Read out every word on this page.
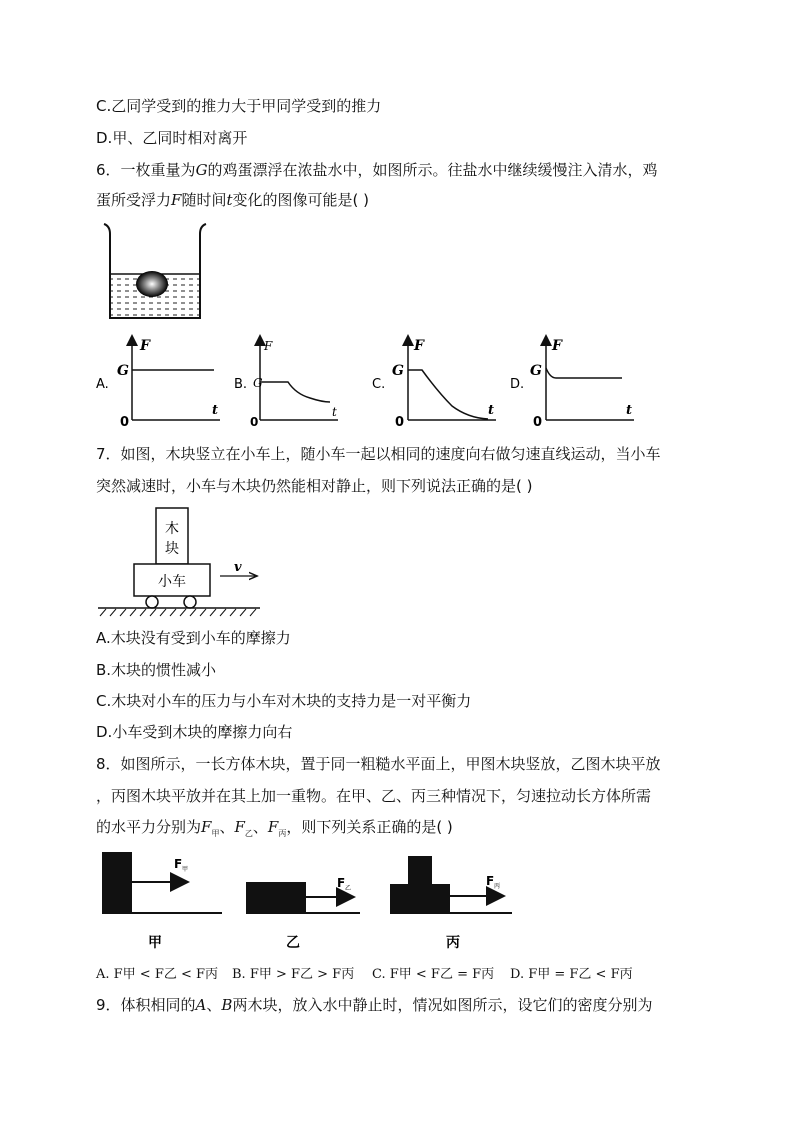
C.乙同学受到的推力大于甲同学受到的推力
D.甲、乙同时相对离开
6．一枚重量为G的鸡蛋漂浮在浓盐水中，如图所示。往盐水中继续缓慢注入清水，鸡
蛋所受浮力F随时间t变化的图像可能是( )
A.
F
G
0
t
B.
F
G
0
t
C.
F
G
0
t
D.
F
G
0
t
7．如图，木块竖立在小车上，随小车一起以相同的速度向右做匀速直线运动，当小车
突然减速时，小车与木块仍然能相对静止，则下列说法正确的是( )
木
块
小车
v
A.木块没有受到小车的摩擦力
B.木块的惯性减小
C.木块对小车的压力与小车对木块的支持力是一对平衡力
D.小车受到木块的摩擦力向右
8．如图所示，一长方体木块，置于同一粗糙水平面上，甲图木块竖放，乙图木块平放
，丙图木块平放并在其上加一重物。在甲、乙、丙三种情况下，匀速拉动长方体所需
的水平力分别为$F_甲$、$F_乙$、$F_丙$，则下列关系正确的是( )
F 甲
甲
F 乙
乙
F 丙
丙
A. F甲 < F乙 < F丙 B. F甲 > F乙 > F丙 C. F甲 < F乙 = F丙 D. F甲 = F乙 < F丙
9．体积相同的A、B两木块，放入水中静止时，情况如图所示，设它们的密度分别为
